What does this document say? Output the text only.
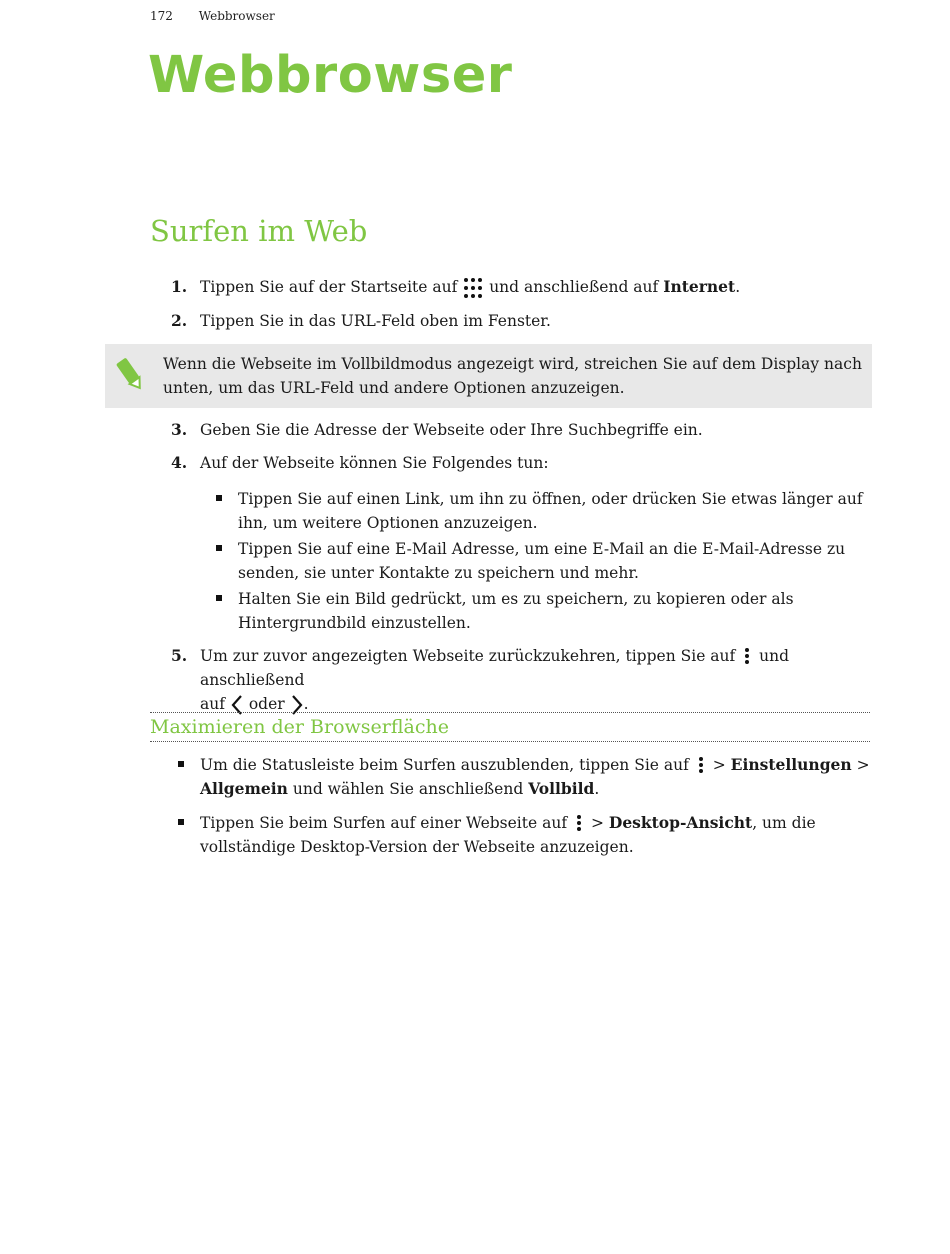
172 Webbrowser
Webbrowser
Surfen im Web
1. Tippen Sie auf der Startseite auf und anschließend auf Internet.
2. Tippen Sie in das URL-Feld oben im Fenster.
Wenn die Webseite im Vollbildmodus angezeigt wird, streichen Sie auf dem Display nach unten, um das URL-Feld und andere Optionen anzuzeigen.
3. Geben Sie die Adresse der Webseite oder Ihre Suchbegriffe ein.
4. Auf der Webseite können Sie Folgendes tun:
Tippen Sie auf einen Link, um ihn zu öffnen, oder drücken Sie etwas länger auf ihn, um weitere Optionen anzuzeigen.
Tippen Sie auf eine E-Mail Adresse, um eine E-Mail an die E-Mail-Adresse zu senden, sie unter Kontakte zu speichern und mehr.
Halten Sie ein Bild gedrückt, um es zu speichern, zu kopieren oder als Hintergrundbild einzustellen.
5. Um zur zuvor angezeigten Webseite zurückzukehren, tippen Sie auf und anschließend
auf oder .
Maximieren der Browserfläche
Um die Statusleiste beim Surfen auszublenden, tippen Sie auf > Einstellungen >
Allgemein und wählen Sie anschließend Vollbild.
Tippen Sie beim Surfen auf einer Webseite auf > Desktop-Ansicht, um die vollständige Desktop-Version der Webseite anzuzeigen.
